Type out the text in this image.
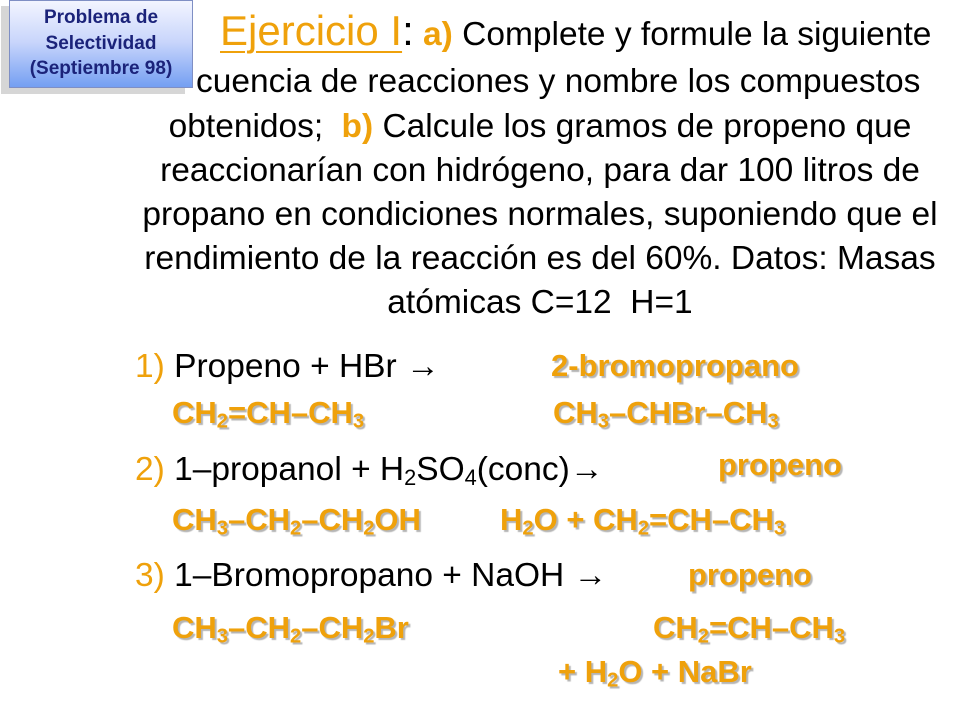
Problema de
Selectividad
(Septiembre 98)
Ejercicio I: a) Complete y formule la siguiente
cuencia de reacciones y nombre los compuestos
obtenidos; b) Calcule los gramos de propeno que
reaccionarían con hidrógeno, para dar 100 litros de
propano en condiciones normales, suponiendo que el
rendimiento de la reacción es del 60%. Datos: Masas
atómicas C=12  H=1
1) Propeno + HBr →	2-bromopropano
$CH_2=CH-CH_3$	$CH_3-CHBr-CH_3$
2) 1–propanol + $H_2SO_4(conc)\to$	propeno
$CH_3-CH_2-CH_2OH$	$H_2O + CH_2=CH-CH_3$
3) 1–Bromopropano + NaOH →	propeno
$CH_3-CH_2-CH_2Br$	$CH_2=CH-CH_3$
+ $H_2O$ + NaBr
